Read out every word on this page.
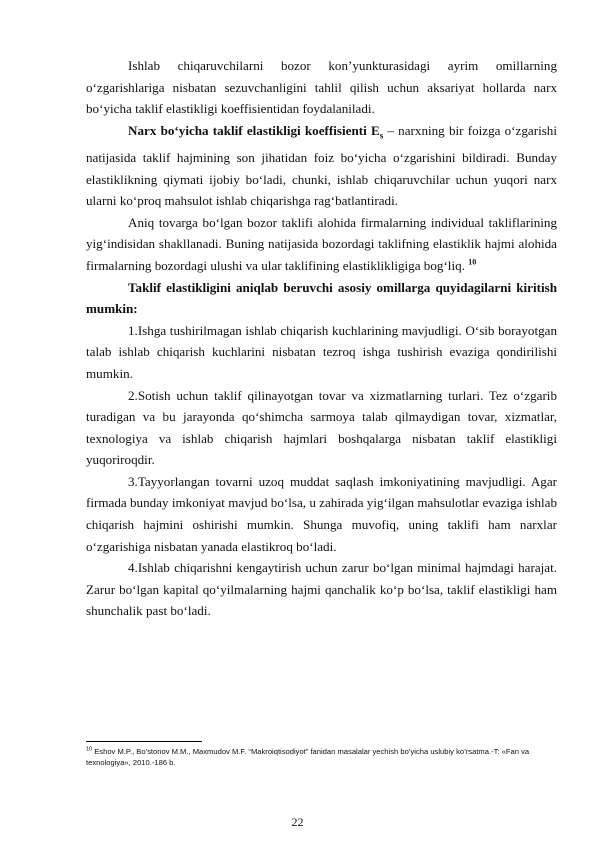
Ishlab chiqaruvchilarni bozor kon’yunkturasidagi ayrim omillarning o‘zgarishlariga nisbatan sezuvchanligini tahlil qilish uchun aksariyat hollarda narx bo‘yicha taklif elastikligi koeffisientidan foydalaniladi.

Narx bo‘yicha taklif elastikligi koeffisienti $E_s$ – narxning bir foizga o‘zgarishi natijasida taklif hajmining son jihatidan foiz bo‘yicha o‘zgarishini bildiradi. Bunday elastiklikning qiymati ijobiy bo‘ladi, chunki, ishlab chiqaruvchilar uchun yuqori narx ularni ko‘proq mahsulot ishlab chiqarishga rag‘batlantiradi.

Aniq tovarga bo‘lgan bozor taklifi alohida firmalarning individual takliflarining yig‘indisidan shakllanadi. Buning natijasida bozordagi taklifning elastiklik hajmi alohida firmalarning bozordagi ulushi va ular taklifining elastiklikligiga bog‘liq. $^{10}$

Taklif elastikligini aniqlab beruvchi asosiy omillarga quyidagilarni kiritish mumkin:

1.Ishga tushirilmagan ishlab chiqarish kuchlarining mavjudligi. O‘sib borayotgan talab ishlab chiqarish kuchlarini nisbatan tezroq ishga tushirish evaziga qondirilishi mumkin.

2.Sotish uchun taklif qilinayotgan tovar va xizmatlarning turlari. Tez o‘zgarib turadigan va bu jarayonda qo‘shimcha sarmoya talab qilmaydigan tovar, xizmatlar, texnologiya va ishlab chiqarish hajmlari boshqalarga nisbatan taklif elastikligi yuqoriroqdir.

3.Tayyorlangan tovarni uzoq muddat saqlash imkoniyatining mavjudligi. Agar firmada bunday imkoniyat mavjud bo‘lsa, u zahirada yig‘ilgan mahsulotlar evaziga ishlab chiqarish hajmini oshirishi mumkin. Shunga muvofiq, uning taklifi ham narxlar o‘zgarishiga nisbatan yanada elastikroq bo‘ladi.

4.Ishlab chiqarishni kengaytirish uchun zarur bo‘lgan minimal hajmdagi harajat. Zarur bo‘lgan kapital qo‘yilmalarning hajmi qanchalik ko‘p bo‘lsa, taklif elastikligi ham shunchalik past bo‘ladi.

$^{10}$ Eshov M.P., Bo’stonov M.M., Maxmudov M.F. “Makroiqtisodiyot” fanidan masalalar yechish bo’yicha uslubiy ko’rsatma.-T: «Fan va texnologiya», 2010.-186 b.

22
